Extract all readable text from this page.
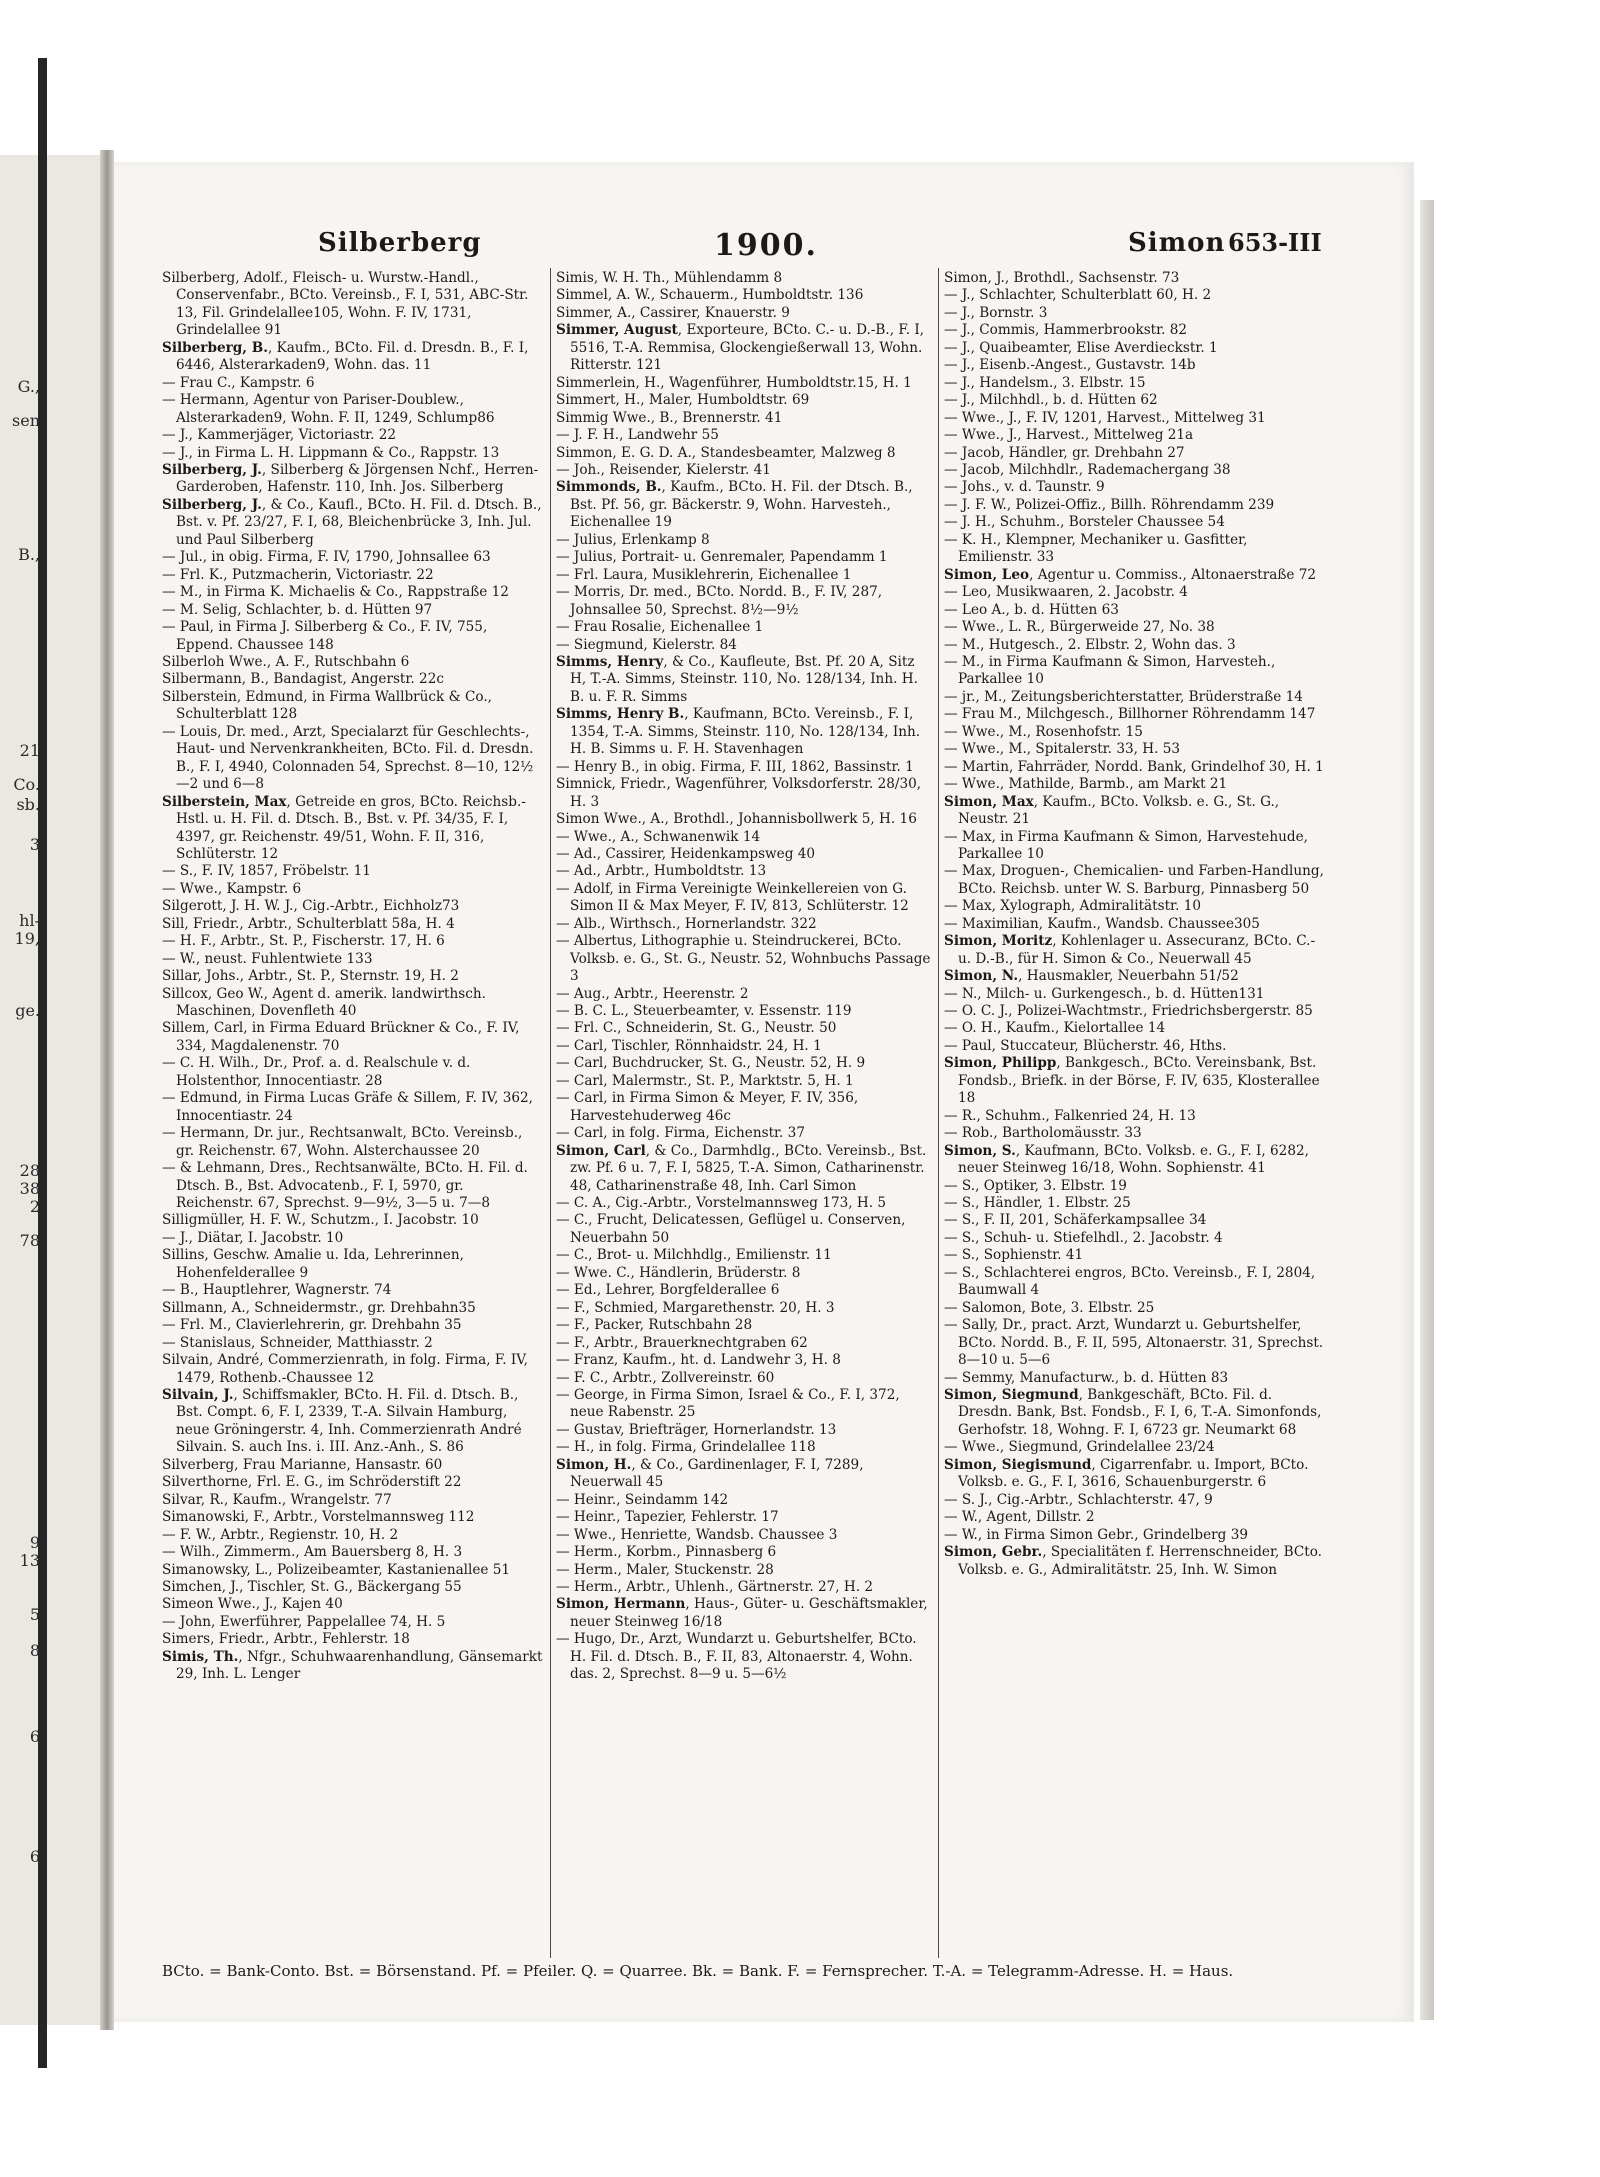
G.,
sen
B.,
21
Co.
sb.
3
hl-
19,
ge.
28
38
2
78
9
13
5
8
6
6
Silberberg	1900.	Simon 653-III
Silberberg, Adolf., Fleisch- u. Wurstw.-Handl., Conservenfabr., BCto. Vereinsb., F. I, 531, ABC-Str. 13, Fil. Grindelallee105, Wohn. F. IV, 1731, Grindelallee 91
Silberberg, B., Kaufm., BCto. Fil. d. Dresdn. B., F. I, 6446, Alsterarkaden9, Wohn. das. 11
— Frau C., Kampstr. 6
— Hermann, Agentur von Pariser-Doublew., Alsterarkaden9, Wohn. F. II, 1249, Schlump86
— J., Kammerjäger, Victoriastr. 22
— J., in Firma L. H. Lippmann & Co., Rappstr. 13
Silberberg, J., Silberberg & Jörgensen Nchf., Herren-Garderoben, Hafenstr. 110, Inh. Jos. Silberberg
Silberberg, J., & Co., Kaufl., BCto. H. Fil. d. Dtsch. B., Bst. v. Pf. 23/27, F. I, 68, Bleichenbrücke 3, Inh. Jul. und Paul Silberberg
— Jul., in obig. Firma, F. IV, 1790, Johnsallee 63
— Frl. K., Putzmacherin, Victoriastr. 22
— M., in Firma K. Michaelis & Co., Rappstraße 12
— M. Selig, Schlachter, b. d. Hütten 97
— Paul, in Firma J. Silberberg & Co., F. IV, 755, Eppend. Chaussee 148
Silberloh Wwe., A. F., Rutschbahn 6
Silbermann, B., Bandagist, Angerstr. 22c
Silberstein, Edmund, in Firma Wallbrück & Co., Schulterblatt 128
— Louis, Dr. med., Arzt, Specialarzt für Geschlechts-, Haut- und Nervenkrankheiten, BCto. Fil. d. Dresdn. B., F. I, 4940, Colonnaden 54, Sprechst. 8—10, 12½—2 und 6—8
Silberstein, Max, Getreide en gros, BCto. Reichsb.-Hstl. u. H. Fil. d. Dtsch. B., Bst. v. Pf. 34/35, F. I, 4397, gr. Reichenstr. 49/51, Wohn. F. II, 316, Schlüterstr. 12
— S., F. IV, 1857, Fröbelstr. 11
— Wwe., Kampstr. 6
Silgerott, J. H. W. J., Cig.-Arbtr., Eichholz73
Sill, Friedr., Arbtr., Schulterblatt 58a, H. 4
— H. F., Arbtr., St. P., Fischerstr. 17, H. 6
— W., neust. Fuhlentwiete 133
Sillar, Johs., Arbtr., St. P., Sternstr. 19, H. 2
Sillcox, Geo W., Agent d. amerik. landwirthsch. Maschinen, Dovenfleth 40
Sillem, Carl, in Firma Eduard Brückner & Co., F. IV, 334, Magdalenenstr. 70
— C. H. Wilh., Dr., Prof. a. d. Realschule v. d. Holstenthor, Innocentiastr. 28
— Edmund, in Firma Lucas Gräfe & Sillem, F. IV, 362, Innocentiastr. 24
— Hermann, Dr. jur., Rechtsanwalt, BCto. Vereinsb., gr. Reichenstr. 67, Wohn. Alsterchaussee 20
— & Lehmann, Dres., Rechtsanwälte, BCto. H. Fil. d. Dtsch. B., Bst. Advocatenb., F. I, 5970, gr. Reichenstr. 67, Sprechst. 9—9½, 3—5 u. 7—8
Silligmüller, H. F. W., Schutzm., I. Jacobstr. 10
— J., Diätar, I. Jacobstr. 10
Sillins, Geschw. Amalie u. Ida, Lehrerinnen, Hohenfelderallee 9
— B., Hauptlehrer, Wagnerstr. 74
Sillmann, A., Schneidermstr., gr. Drehbahn35
— Frl. M., Clavierlehrerin, gr. Drehbahn 35
— Stanislaus, Schneider, Matthiasstr. 2
Silvain, André, Commerzienrath, in folg. Firma, F. IV, 1479, Rothenb.-Chaussee 12
Silvain, J., Schiffsmakler, BCto. H. Fil. d. Dtsch. B., Bst. Compt. 6, F. I, 2339, T.-A. Silvain Hamburg, neue Gröningerstr. 4, Inh. Commerzienrath André Silvain. S. auch Ins. i. III. Anz.-Anh., S. 86
Silverberg, Frau Marianne, Hansastr. 60
Silverthorne, Frl. E. G., im Schröderstift 22
Silvar, R., Kaufm., Wrangelstr. 77
Simanowski, F., Arbtr., Vorstelmannsweg 112
— F. W., Arbtr., Regienstr. 10, H. 2
— Wilh., Zimmerm., Am Bauersberg 8, H. 3
Simanowsky, L., Polizeibeamter, Kastanienallee 51
Simchen, J., Tischler, St. G., Bäckergang 55
Simeon Wwe., J., Kajen 40
— John, Ewerführer, Pappelallee 74, H. 5
Simers, Friedr., Arbtr., Fehlerstr. 18
Simis, Th., Nfgr., Schuhwaarenhandlung, Gänsemarkt 29, Inh. L. Lenger
Simis, W. H. Th., Mühlendamm 8
Simmel, A. W., Schauerm., Humboldtstr. 136
Simmer, A., Cassirer, Knauerstr. 9
Simmer, August, Exporteure, BCto. C.- u. D.-B., F. I, 5516, T.-A. Remmisa, Glockengießerwall 13, Wohn. Ritterstr. 121
Simmerlein, H., Wagenführer, Humboldtstr.15, H. 1
Simmert, H., Maler, Humboldtstr. 69
Simmig Wwe., B., Brennerstr. 41
— J. F. H., Landwehr 55
Simmon, E. G. D. A., Standesbeamter, Malzweg 8
— Joh., Reisender, Kielerstr. 41
Simmonds, B., Kaufm., BCto. H. Fil. der Dtsch. B., Bst. Pf. 56, gr. Bäckerstr. 9, Wohn. Harvestеh., Eichenallee 19
— Julius, Erlenkamp 8
— Julius, Portrait- u. Genremaler, Papendamm 1
— Frl. Laura, Musiklehrerin, Eichenallee 1
— Morris, Dr. med., BCto. Nordd. B., F. IV, 287, Johnsallee 50, Sprechst. 8½—9½
— Frau Rosalie, Eichenallee 1
— Siegmund, Kielerstr. 84
Simms, Henry, & Co., Kaufleute, Bst. Pf. 20 A, Sitz H, T.-A. Simms, Steinstr. 110, No. 128/134, Inh. H. B. u. F. R. Simms
Simms, Henry B., Kaufmann, BCto. Vereinsb., F. I, 1354, T.-A. Simms, Steinstr. 110, No. 128/134, Inh. H. B. Simms u. F. H. Stavenhagen
— Henry B., in obig. Firma, F. III, 1862, Bassinstr. 1
Simnick, Friedr., Wagenführer, Volksdorferstr. 28/30, H. 3
Simon Wwe., A., Brothdl., Johannisbollwerk 5, H. 16
— Wwe., A., Schwanenwik 14
— Ad., Cassirer, Heidenkampsweg 40
— Ad., Arbtr., Humboldtstr. 13
— Adolf, in Firma Vereinigte Weinkellereien von G. Simon II & Max Meyer, F. IV, 813, Schlüterstr. 12
— Alb., Wirthsch., Hornerlandstr. 322
— Albertus, Lithographie u. Steindruckerei, BCto. Volksb. e. G., St. G., Neustr. 52, Wohnbuchs Passage 3
— Aug., Arbtr., Heerenstr. 2
— B. C. L., Steuerbeamter, v. Essenstr. 119
— Frl. C., Schneiderin, St. G., Neustr. 50
— Carl, Tischler, Rönnhaidstr. 24, H. 1
— Carl, Buchdrucker, St. G., Neustr. 52, H. 9
— Carl, Malermstr., St. P., Marktstr. 5, H. 1
— Carl, in Firma Simon & Meyer, F. IV, 356, Harvestehuderweg 46c
— Carl, in folg. Firma, Eichenstr. 37
Simon, Carl, & Co., Darmhdlg., BCto. Vereinsb., Bst. zw. Pf. 6 u. 7, F. I, 5825, T.-A. Simon, Catharinenstr. 48, Catharinenstraße 48, Inh. Carl Simon
— C. A., Cig.-Arbtr., Vorstelmannsweg 173, H. 5
— C., Frucht, Delicatessen, Geflügel u. Conserven, Neuerbahn 50
— C., Brot- u. Milchhdlg., Emilienstr. 11
— Wwe. C., Händlerin, Brüderstr. 8
— Ed., Lehrer, Borgfelderallee 6
— F., Schmied, Margarethenstr. 20, H. 3
— F., Packer, Rutschbahn 28
— F., Arbtr., Brauerknechtgraben 62
— Franz, Kaufm., ht. d. Landwehr 3, H. 8
— F. C., Arbtr., Zollvereinstr. 60
— George, in Firma Simon, Israel & Co., F. I, 372, neue Rabenstr. 25
— Gustav, Briefträger, Hornerlandstr. 13
— H., in folg. Firma, Grindelallee 118
Simon, H., & Co., Gardinenlager, F. I, 7289, Neuerwall 45
— Heinr., Seindamm 142
— Heinr., Tapezier, Fehlerstr. 17
— Wwe., Henriette, Wandsb. Chaussee 3
— Herm., Korbm., Pinnasberg 6
— Herm., Maler, Stuckenstr. 28
— Herm., Arbtr., Uhlenh., Gärtnerstr. 27, H. 2
Simon, Hermann, Haus-, Güter- u. Geschäftsmakler, neuer Steinweg 16/18
— Hugo, Dr., Arzt, Wundarzt u. Geburtshelfer, BCto. H. Fil. d. Dtsch. B., F. II, 83, Altonaerstr. 4, Wohn. das. 2, Sprechst. 8—9 u. 5—6½
Simon, J., Brothdl., Sachsenstr. 73
— J., Schlachter, Schulterblatt 60, H. 2
— J., Bornstr. 3
— J., Commis, Hammerbrookstr. 82
— J., Quaibeamter, Elise Averdieckstr. 1
— J., Eisenb.-Angest., Gustavstr. 14b
— J., Handelsm., 3. Elbstr. 15
— J., Milchhdl., b. d. Hütten 62
— Wwe., J., F. IV, 1201, Harvest., Mittelweg 31
— Wwe., J., Harvest., Mittelweg 21a
— Jacob, Händler, gr. Drehbahn 27
— Jacob, Milchhdlr., Rademachergang 38
— Johs., v. d. Taunstr. 9
— J. F. W., Polizei-Offiz., Billh. Röhrendamm 239
— J. H., Schuhm., Borsteler Chaussee 54
— K. H., Klempner, Mechaniker u. Gasfitter, Emilienstr. 33
Simon, Leo, Agentur u. Commiss., Altonaerstraße 72
— Leo, Musikwaaren, 2. Jacobstr. 4
— Leo A., b. d. Hütten 63
— Wwe., L. R., Bürgerweide 27, No. 38
— M., Hutgesch., 2. Elbstr. 2, Wohn das. 3
— M., in Firma Kaufmann & Simon, Harvesteh., Parkallee 10
— jr., M., Zeitungsberichterstatter, Brüderstraße 14
— Frau M., Milchgesch., Billhorner Röhrendamm 147
— Wwe., M., Rosenhofstr. 15
— Wwe., M., Spitalerstr. 33, H. 53
— Martin, Fahrräder, Nordd. Bank, Grindelhof 30, H. 1
— Wwe., Mathilde, Barmb., am Markt 21
Simon, Max, Kaufm., BCto. Volksb. e. G., St. G., Neustr. 21
— Max, in Firma Kaufmann & Simon, Harvestehude, Parkallee 10
— Max, Droguen-, Chemicalien- und Farben-Handlung, BCto. Reichsb. unter W. S. Barburg, Pinnasberg 50
— Max, Xylograph, Admiralitätstr. 10
— Maximilian, Kaufm., Wandsb. Chaussee305
Simon, Moritz, Kohlenlager u. Assecuranz, BCto. C.- u. D.-B., für H. Simon & Co., Neuerwall 45
Simon, N., Hausmakler, Neuerbahn 51/52
— N., Milch- u. Gurkengesch., b. d. Hütten131
— O. C. J., Polizei-Wachtmstr., Friedrichsbergerstr. 85
— O. H., Kaufm., Kielortallee 14
— Paul, Stuccateur, Blücherstr. 46, Hths.
Simon, Philipp, Bankgesch., BCto. Vereinsbank, Bst. Fondsb., Briefk. in der Börse, F. IV, 635, Klosterallee 18
— R., Schuhm., Falkenried 24, H. 13
— Rob., Bartholomäusstr. 33
Simon, S., Kaufmann, BCto. Volksb. e. G., F. I, 6282, neuer Steinweg 16/18, Wohn. Sophienstr. 41
— S., Optiker, 3. Elbstr. 19
— S., Händler, 1. Elbstr. 25
— S., F. II, 201, Schäferkampsallee 34
— S., Schuh- u. Stiefelhdl., 2. Jacobstr. 4
— S., Sophienstr. 41
— S., Schlachterei engros, BCto. Vereinsb., F. I, 2804, Baumwall 4
— Salomon, Bote, 3. Elbstr. 25
— Sally, Dr., pract. Arzt, Wundarzt u. Geburtshelfer, BCto. Nordd. B., F. II, 595, Altonaerstr. 31, Sprechst. 8—10 u. 5—6
— Semmy, Manufacturw., b. d. Hütten 83
Simon, Siegmund, Bankgeschäft, BCto. Fil. d. Dresdn. Bank, Bst. Fondsb., F. I, 6, T.-A. Simonfonds, Gerhofstr. 18, Wohng. F. I, 6723 gr. Neumarkt 68
— Wwe., Siegmund, Grindelallee 23/24
Simon, Siegismund, Cigarrenfabr. u. Import, BCto. Volksb. e. G., F. I, 3616, Schauenburgerstr. 6
— S. J., Cig.-Arbtr., Schlachterstr. 47, 9
— W., Agent, Dillstr. 2
— W., in Firma Simon Gebr., Grindelberg 39
Simon, Gebr., Specialitäten f. Herrenschneider, BCto. Volksb. e. G., Admiralitätstr. 25, Inh. W. Simon
BCto. = Bank-Conto. Bst. = Börsenstand. Pf. = Pfeiler. Q. = Quarree. Bk. = Bank. F. = Fernsprecher. T.-A. = Telegramm-Adresse. H. = Haus.
